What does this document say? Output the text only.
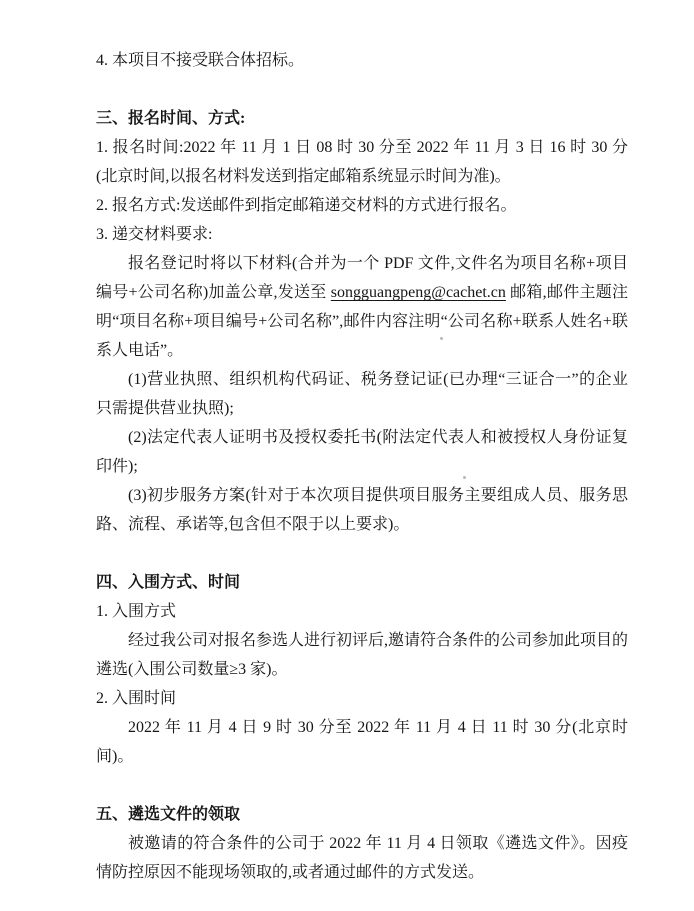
4. 本项目不接受联合体招标。

三、报名时间、方式:

1. 报名时间:2022 年 11 月 1 日 08 时 30 分至 2022 年 11 月 3 日 16 时 30 分(北京时间,以报名材料发送到指定邮箱系统显示时间为准)。

2. 报名方式:发送邮件到指定邮箱递交材料的方式进行报名。

3. 递交材料要求:

报名登记时将以下材料(合并为一个 PDF 文件,文件名为项目名称+项目编号+公司名称)加盖公章,发送至 songguangpeng@cachet.cn 邮箱,邮件主题注明“项目名称+项目编号+公司名称”,邮件内容注明“公司名称+联系人姓名+联系人电话”。

(1)营业执照、组织机构代码证、税务登记证(已办理“三证合一”的企业只需提供营业执照);

(2)法定代表人证明书及授权委托书(附法定代表人和被授权人身份证复印件);

(3)初步服务方案(针对于本次项目提供项目服务主要组成人员、服务思路、流程、承诺等,包含但不限于以上要求)。

四、入围方式、时间

1. 入围方式

经过我公司对报名参选人进行初评后,邀请符合条件的公司参加此项目的遴选(入围公司数量≥3 家)。

2. 入围时间

2022 年 11 月 4 日 9 时 30 分至 2022 年 11 月 4 日 11 时 30 分(北京时间)。

五、遴选文件的领取

被邀请的符合条件的公司于 2022 年 11 月 4 日领取《遴选文件》。因疫情防控原因不能现场领取的,或者通过邮件的方式发送。
